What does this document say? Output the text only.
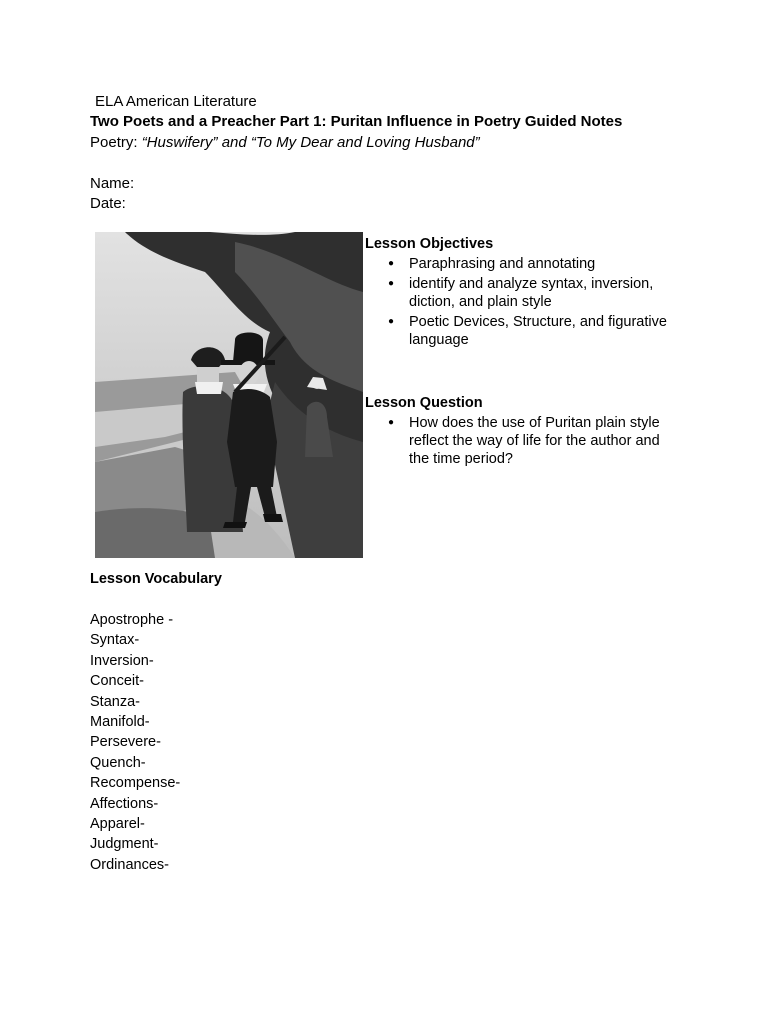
ELA American Literature
Two Poets and a Preacher Part 1: Puritan Influence in Poetry Guided Notes
Poetry: “Huswifery” and “To My Dear and Loving Husband”
Name:
Date:
Lesson Objectives
● Paraphrasing and annotating
● identify and analyze syntax, inversion, diction, and plain style
● Poetic Devices, Structure, and figurative language
Lesson Question
● How does the use of Puritan plain style reflect the way of life for the author and the time period?
Lesson Vocabulary
Apostrophe -
Syntax-
Inversion-
Conceit-
Stanza-
Manifold-
Persevere-
Quench-
Recompense-
Affections-
Apparel-
Judgment-
Ordinances-
